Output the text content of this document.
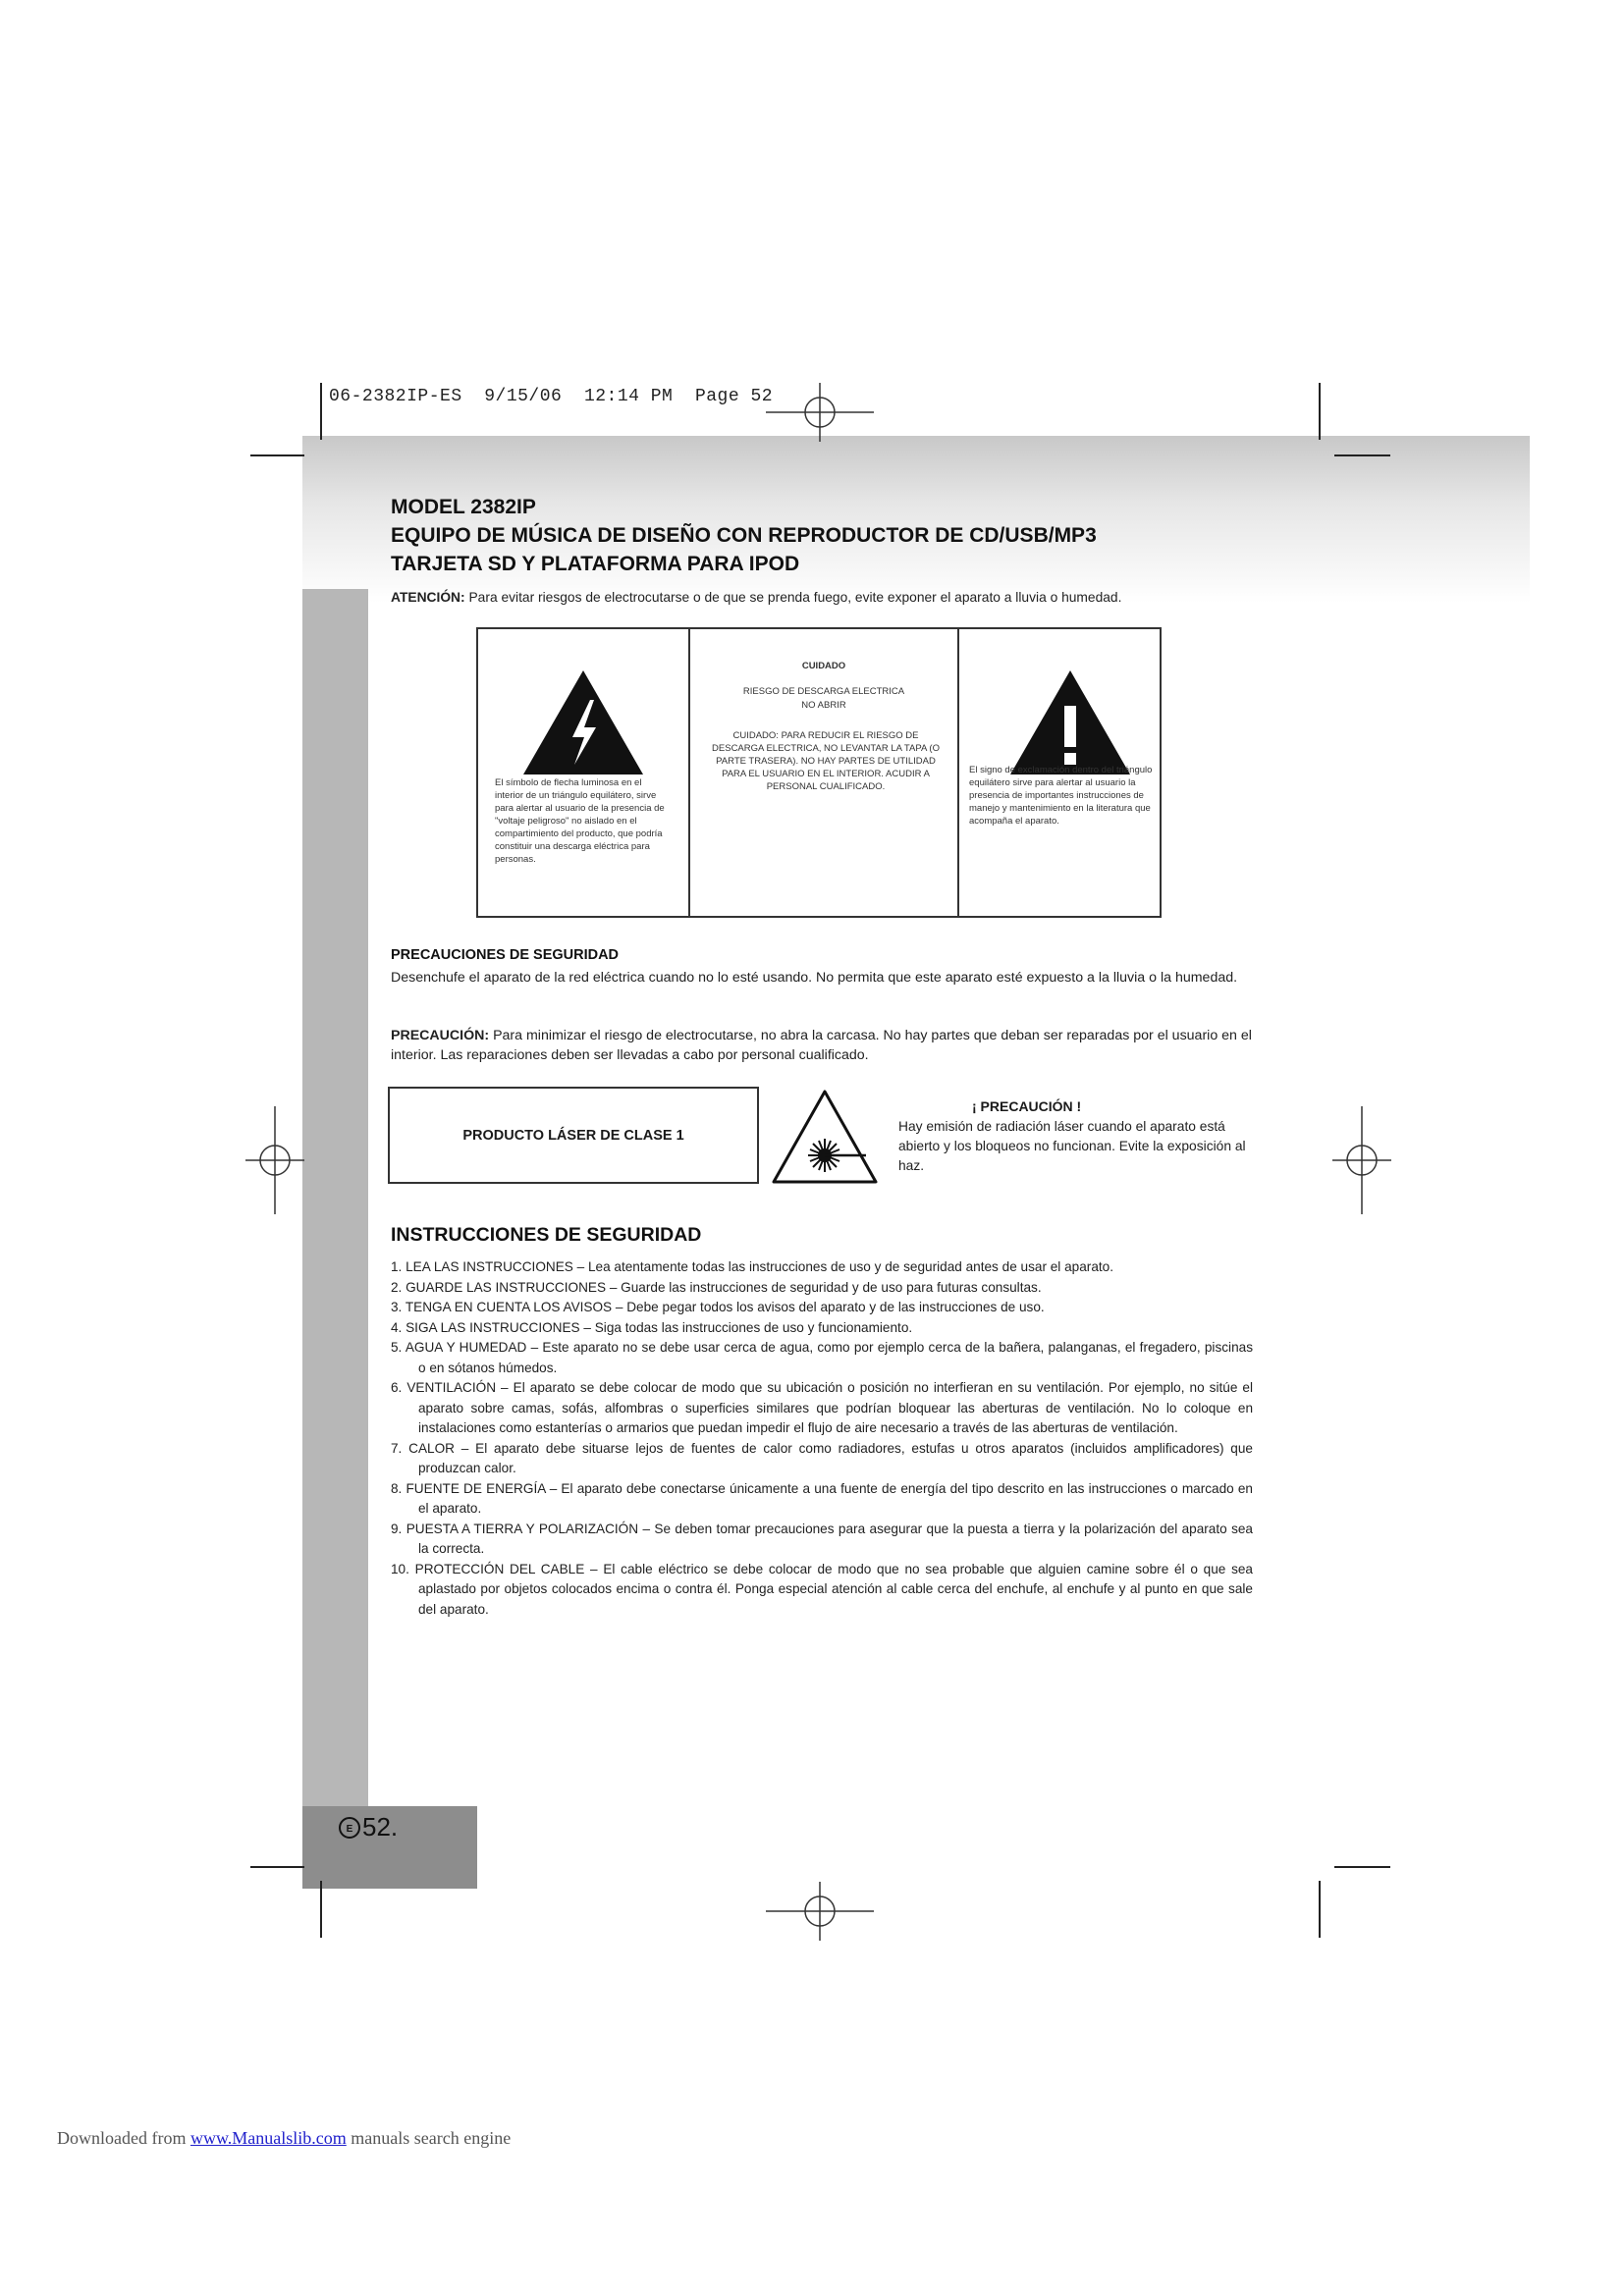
06-2382IP-ES  9/15/06  12:14 PM  Page 52
MODEL 2382IP
EQUIPO DE MÚSICA DE DISEÑO CON REPRODUCTOR DE CD/USB/MP3
TARJETA SD Y PLATAFORMA PARA IPOD
ATENCIÓN: Para evitar riesgos de electrocutarse o de que se prenda fuego, evite exponer el aparato a lluvia o humedad.
El símbolo de flecha luminosa en el interior de un triángulo equilátero, sirve para alertar al usuario de la presencia de "voltaje peligroso" no aislado en el compartimiento del producto, que podría constituir una descarga eléctrica para personas.
CUIDADO
RIESGO DE DESCARGA ELECTRICA
NO ABRIR
CUIDADO: PARA REDUCIR EL RIESGO DE DESCARGA ELECTRICA, NO LEVANTAR LA TAPA (O PARTE TRASERA). NO HAY PARTES DE UTILIDAD PARA EL USUARIO EN EL INTERIOR. ACUDIR A PERSONAL CUALIFICADO.
El signo de exclamación dentro del triángulo equilátero sirve para alertar al usuario la presencia de importantes instrucciones de manejo y mantenimiento en la literatura que acompaña el aparato.
PRECAUCIONES DE SEGURIDAD
Desenchufe el aparato de la red eléctrica cuando no lo esté usando. No permita que este aparato esté expuesto a la lluvia o la humedad.
PRECAUCIÓN: Para minimizar el riesgo de electrocutarse, no abra la carcasa. No hay partes que deban ser reparadas por el usuario en el interior. Las reparaciones deben ser llevadas a cabo por personal cualificado.
PRODUCTO LÁSER DE CLASE 1
¡ PRECAUCIÓN !
Hay emisión de radiación láser cuando el aparato está abierto y los bloqueos no funcionan. Evite la exposición al haz.
INSTRUCCIONES DE SEGURIDAD
1. LEA LAS INSTRUCCIONES – Lea atentamente todas las instrucciones de uso y de seguridad antes de usar el aparato.
2. GUARDE LAS INSTRUCCIONES – Guarde las instrucciones de seguridad y de uso para futuras consultas.
3. TENGA EN CUENTA LOS AVISOS – Debe pegar todos los avisos del aparato y de las instrucciones de uso.
4. SIGA LAS INSTRUCCIONES – Siga todas las instrucciones de uso y funcionamiento.
5. AGUA Y HUMEDAD – Este aparato no se debe usar cerca de agua, como por ejemplo cerca de la bañera, palanganas, el fregadero, piscinas o en sótanos húmedos.
6. VENTILACIÓN – El aparato se debe colocar de modo que su ubicación o posición no interfieran en su ventilación. Por ejemplo, no sitúe el aparato sobre camas, sofás, alfombras o superficies similares que podrían bloquear las aberturas de ventilación. No lo coloque en instalaciones como estanterías o armarios que puedan impedir el flujo de aire necesario a través de las aberturas de ventilación.
7. CALOR – El aparato debe situarse lejos de fuentes de calor como radiadores, estufas u otros aparatos (incluidos amplificadores) que produzcan calor.
8. FUENTE DE ENERGÍA – El aparato debe conectarse únicamente a una fuente de energía del tipo descrito en las instrucciones o marcado en el aparato.
9. PUESTA A TIERRA Y POLARIZACIÓN – Se deben tomar precauciones para asegurar que la puesta a tierra y la polarización del aparato sea la correcta.
10. PROTECCIÓN DEL CABLE – El cable eléctrico se debe colocar de modo que no sea probable que alguien camine sobre él o que sea aplastado por objetos colocados encima o contra él. Ponga especial atención al cable cerca del enchufe, al enchufe y al punto en que sale del aparato.
E 52.
Downloaded from www.Manualslib.com manuals search engine
